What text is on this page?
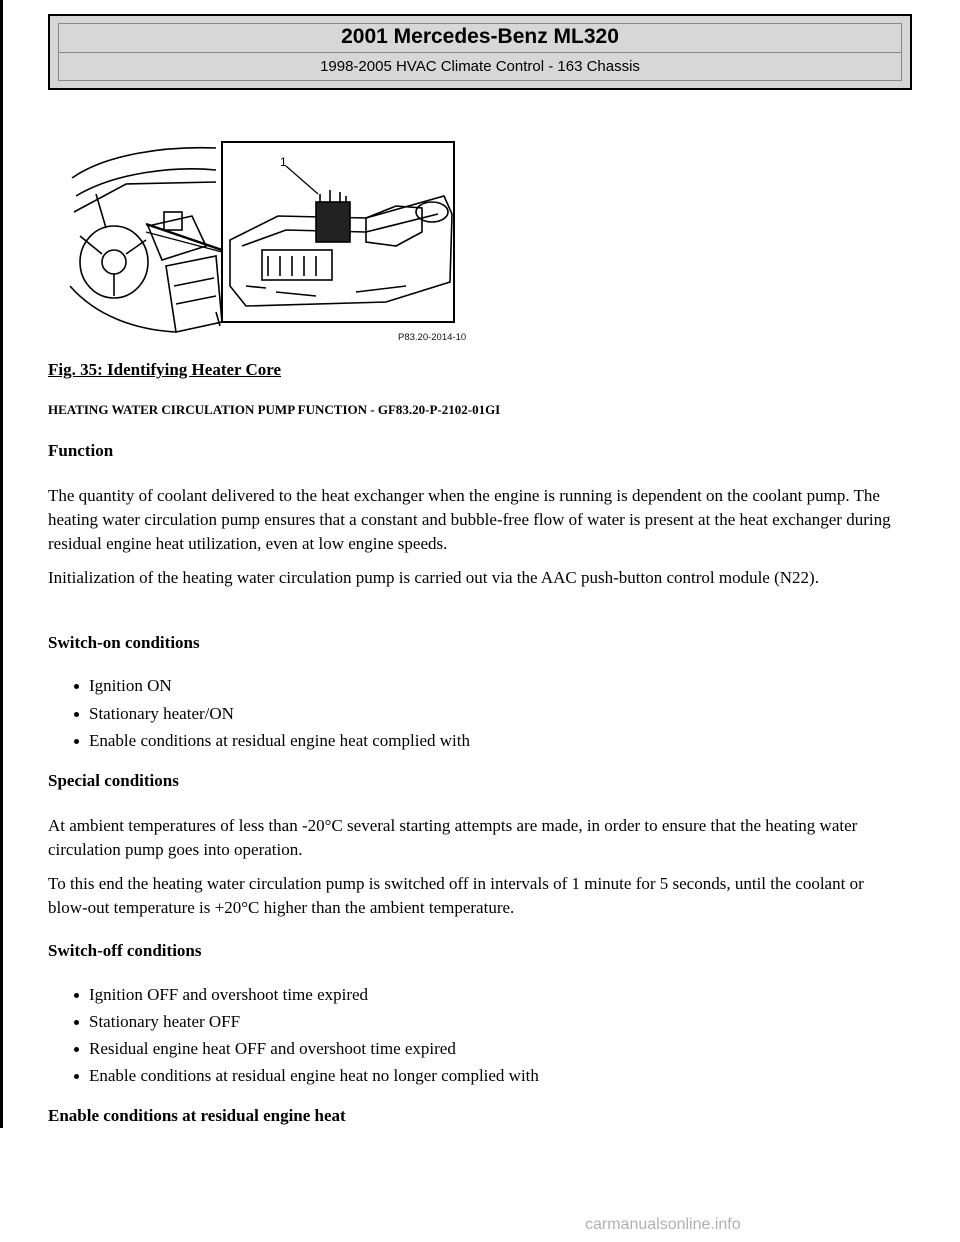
2001 Mercedes-Benz ML320
1998-2005 HVAC Climate Control - 163 Chassis
1
P83.20-2014-10
Fig. 35: Identifying Heater Core
HEATING WATER CIRCULATION PUMP FUNCTION - GF83.20-P-2102-01GI
Function
The quantity of coolant delivered to the heat exchanger when the engine is running is dependent on the coolant pump. The heating water circulation pump ensures that a constant and bubble-free flow of water is present at the heat exchanger during residual engine heat utilization, even at low engine speeds.
Initialization of the heating water circulation pump is carried out via the AAC push-button control module (N22).
Switch-on conditions
Ignition ON
Stationary heater/ON
Enable conditions at residual engine heat complied with
Special conditions
At ambient temperatures of less than -20°C several starting attempts are made, in order to ensure that the heating water circulation pump goes into operation.
To this end the heating water circulation pump is switched off in intervals of 1 minute for 5 seconds, until the coolant or blow-out temperature is +20°C higher than the ambient temperature.
Switch-off conditions
Ignition OFF and overshoot time expired
Stationary heater OFF
Residual engine heat OFF and overshoot time expired
Enable conditions at residual engine heat no longer complied with
Enable conditions at residual engine heat
carmanualsonline.info
